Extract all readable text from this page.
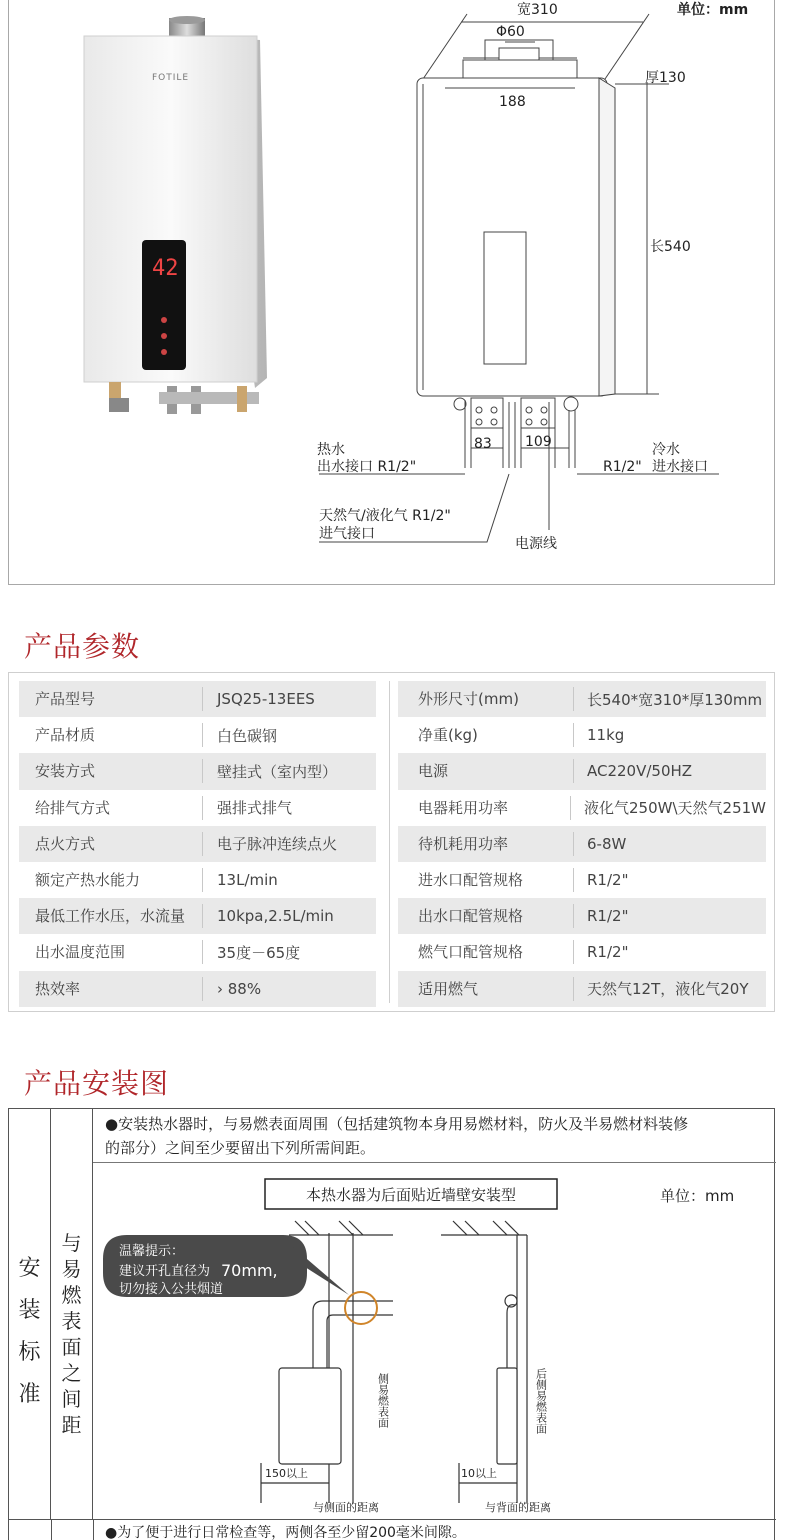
42
FOTILE
宽310	单位：mm
Φ60
188
厚130
长540
83 109
热水
出水接口 R1/2"
冷水
进水接口
R1/2"
天然气/液化气 R1/2"
进气接口
电源线
产品参数
产品型号	JSQ25-13EES
产品材质	白色碳钢
安装方式	壁挂式（室内型）
给排气方式	强排式排气
点火方式	电子脉冲连续点火
额定产热水能力	13L/min
最低工作水压，水流量	10kpa,2.5L/min
出水温度范围	35度－65度
热效率	› 88%
外形尺寸(mm)	长540*宽310*厚130mm
净重(kg)	11kg
电源	AC220V/50HZ
电器耗用功率	液化气250W\天然气251W
待机耗用功率	6-8W
进水口配管规格	R1/2"
出水口配管规格	R1/2"
燃气口配管规格	R1/2"
适用燃气	天然气12T，液化气20Y
产品安装图
安
装
标
准
与
易
燃
表
面
之
间
距
●安装热水器时，与易燃表面周围（包括建筑物本身用易燃材料，防火及半易燃材料装修
的部分）之间至少要留出下列所需间距。
本热水器为后面贴近墙壁安装型	单位：mm
150以上
侧易燃表面
与侧面的距离
10以上
后侧易燃表面
与背面的距离
温馨提示：
建议开孔直径为 70mm,
切勿接入公共烟道
●为了便于进行日常检查等，两侧各至少留200毫米间隙。
